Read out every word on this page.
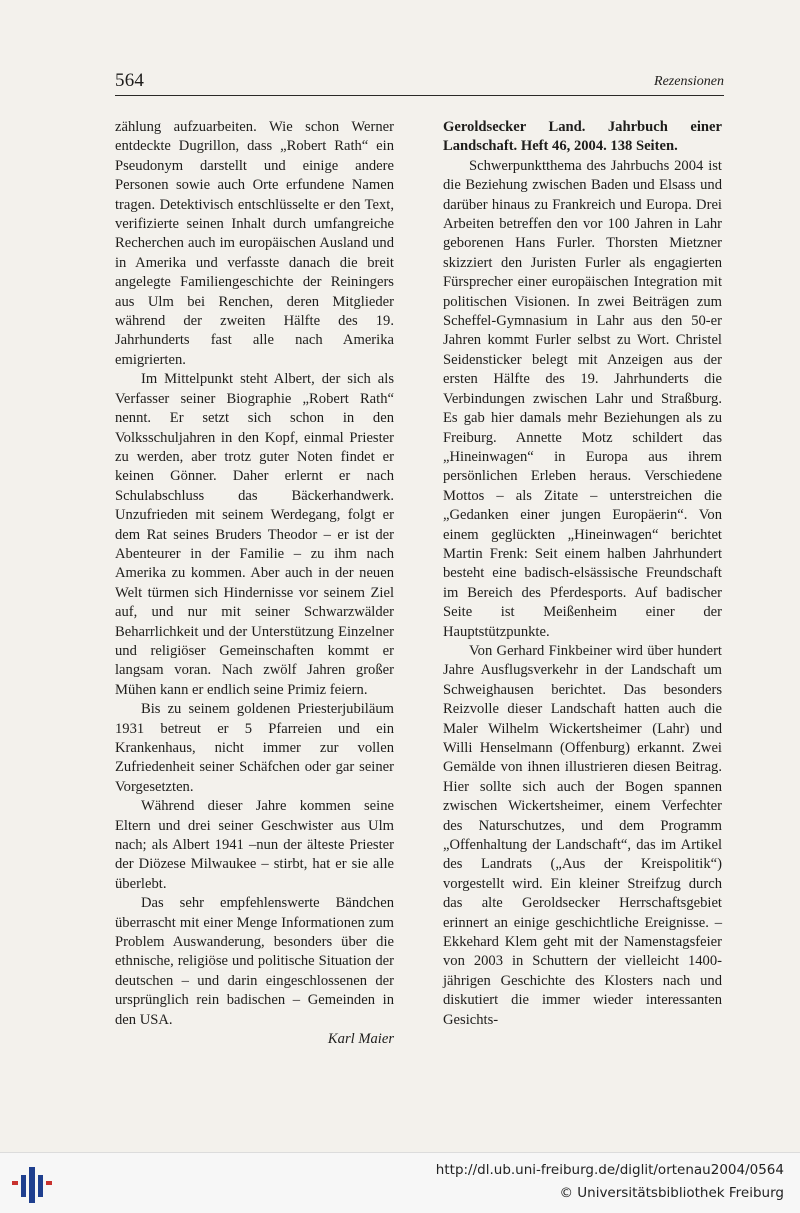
564	Rezensionen

zählung aufzuarbeiten. Wie schon Werner entdeckte Dugrillon, dass „Robert Rath“ ein Pseudonym darstellt und einige andere Personen sowie auch Orte erfundene Namen tragen. Detektivisch entschlüsselte er den Text, verifizierte seinen Inhalt durch umfangreiche Recherchen auch im europäischen Ausland und in Amerika und verfasste danach die breit angelegte Familiengeschichte der Reiningers aus Ulm bei Renchen, deren Mitglieder während der zweiten Hälfte des 19. Jahrhunderts fast alle nach Amerika emigrierten.

Im Mittelpunkt steht Albert, der sich als Verfasser seiner Biographie „Robert Rath“ nennt. Er setzt sich schon in den Volksschuljahren in den Kopf, einmal Priester zu werden, aber trotz guter Noten findet er keinen Gönner. Daher erlernt er nach Schulabschluss das Bäckerhandwerk. Unzufrieden mit seinem Werdegang, folgt er dem Rat seines Bruders Theodor – er ist der Abenteurer in der Familie – zu ihm nach Amerika zu kommen. Aber auch in der neuen Welt türmen sich Hindernisse vor seinem Ziel auf, und nur mit seiner Schwarzwälder Beharrlichkeit und der Unterstützung Einzelner und religiöser Gemeinschaften kommt er langsam voran. Nach zwölf Jahren großer Mühen kann er endlich seine Primiz feiern.

Bis zu seinem goldenen Priesterjubiläum 1931 betreut er 5 Pfarreien und ein Krankenhaus, nicht immer zur vollen Zufriedenheit seiner Schäfchen oder gar seiner Vorgesetzten.

Während dieser Jahre kommen seine Eltern und drei seiner Geschwister aus Ulm nach; als Albert 1941 –nun der älteste Priester der Diözese Milwaukee – stirbt, hat er sie alle überlebt.

Das sehr empfehlenswerte Bändchen überrascht mit einer Menge Informationen zum Problem Auswanderung, besonders über die ethnische, religiöse und politische Situation der deutschen – und darin eingeschlossenen der ursprünglich rein badischen – Gemeinden in den USA.

Karl Maier

Geroldsecker Land. Jahrbuch einer Landschaft. Heft 46, 2004. 138 Seiten.

Schwerpunktthema des Jahrbuchs 2004 ist die Beziehung zwischen Baden und Elsass und darüber hinaus zu Frankreich und Europa. Drei Arbeiten betreffen den vor 100 Jahren in Lahr geborenen Hans Furler. Thorsten Mietzner skizziert den Juristen Furler als engagierten Fürsprecher einer europäischen Integration mit politischen Visionen. In zwei Beiträgen zum Scheffel-Gymnasium in Lahr aus den 50-er Jahren kommt Furler selbst zu Wort. Christel Seidensticker belegt mit Anzeigen aus der ersten Hälfte des 19. Jahrhunderts die Verbindungen zwischen Lahr und Straßburg. Es gab hier damals mehr Beziehungen als zu Freiburg. Annette Motz schildert das „Hineinwagen“ in Europa aus ihrem persönlichen Erleben heraus. Verschiedene Mottos – als Zitate – unterstreichen die „Gedanken einer jungen Europäerin“. Von einem geglückten „Hineinwagen“ berichtet Martin Frenk: Seit einem halben Jahrhundert besteht eine badisch-elsässische Freundschaft im Bereich des Pferdesports. Auf badischer Seite ist Meißenheim einer der Hauptstützpunkte.

Von Gerhard Finkbeiner wird über hundert Jahre Ausflugsverkehr in der Landschaft um Schweighausen berichtet. Das besonders Reizvolle dieser Landschaft hatten auch die Maler Wilhelm Wickertsheimer (Lahr) und Willi Henselmann (Offenburg) erkannt. Zwei Gemälde von ihnen illustrieren diesen Beitrag. Hier sollte sich auch der Bogen spannen zwischen Wickertsheimer, einem Verfechter des Naturschutzes, und dem Programm „Offenhaltung der Landschaft“, das im Artikel des Landrats („Aus der Kreispolitik“) vorgestellt wird. Ein kleiner Streifzug durch das alte Geroldsecker Herrschaftsgebiet erinnert an einige geschichtliche Ereignisse. – Ekkehard Klem geht mit der Namenstagsfeier von 2003 in Schuttern der vielleicht 1400-jährigen Geschichte des Klosters nach und diskutiert die immer wieder interessanten Gesichts-

http://dl.ub.uni-freiburg.de/diglit/ortenau2004/0564
© Universitätsbibliothek Freiburg
